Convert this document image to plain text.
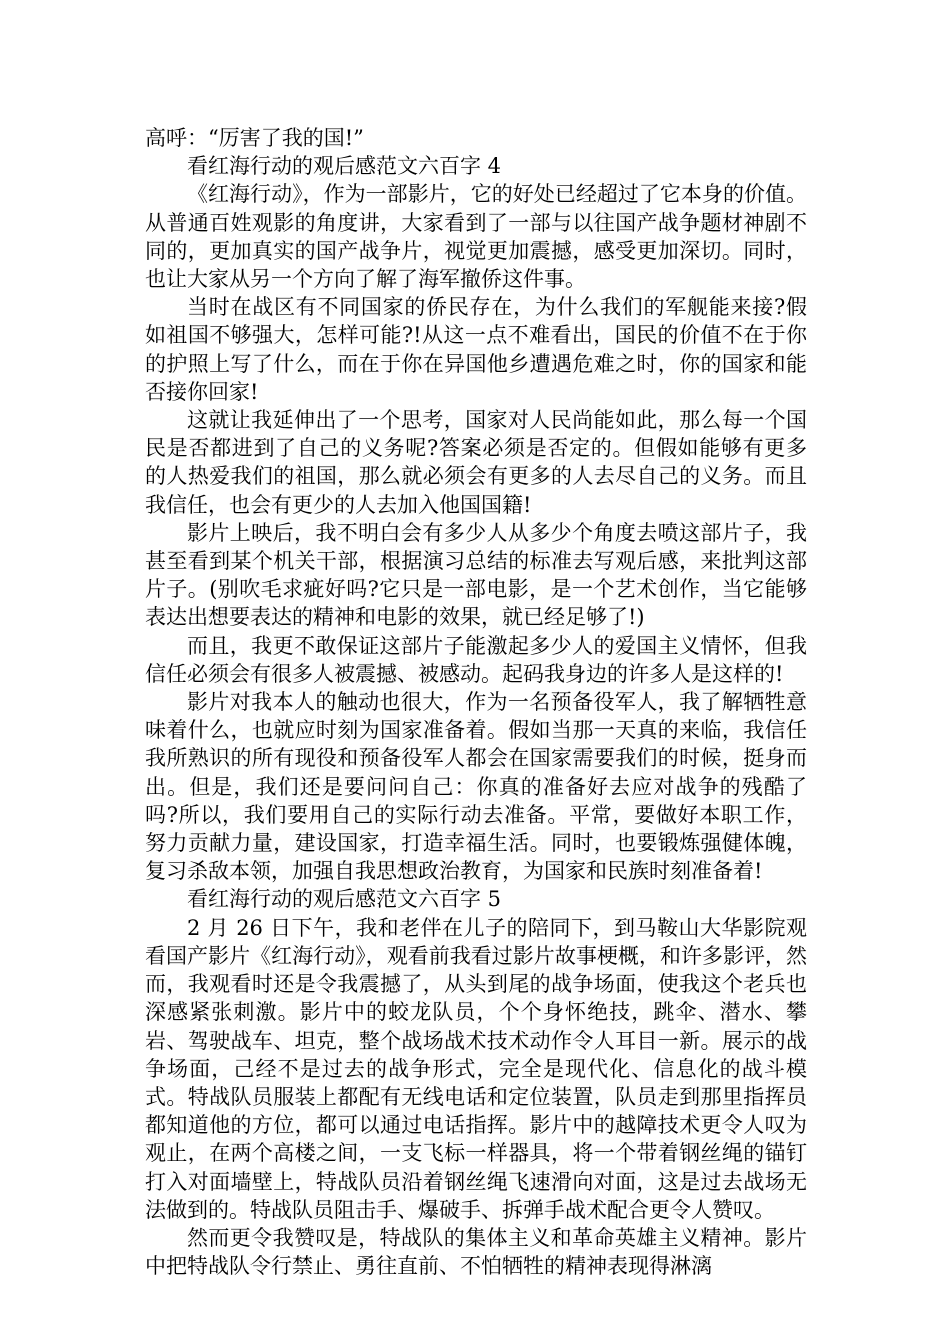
高呼：“厉害了我的国!”

看红海行动的观后感范文六百字 4

《红海行动》，作为一部影片，它的好处已经超过了它本身的价值。从普通百姓观影的角度讲，大家看到了一部与以往国产战争题材神剧不同的，更加真实的国产战争片，视觉更加震撼，感受更加深切。同时，也让大家从另一个方向了解了海军撤侨这件事。

当时在战区有不同国家的侨民存在，为什么我们的军舰能来接?假如祖国不够强大，怎样可能?!从这一点不难看出，国民的价值不在于你的护照上写了什么，而在于你在异国他乡遭遇危难之时，你的国家和能否接你回家!

这就让我延伸出了一个思考，国家对人民尚能如此，那么每一个国民是否都进到了自己的义务呢?答案必须是否定的。但假如能够有更多的人热爱我们的祖国，那么就必须会有更多的人去尽自己的义务。而且我信任，也会有更少的人去加入他国国籍!

影片上映后，我不明白会有多少人从多少个角度去喷这部片子，我甚至看到某个机关干部，根据演习总结的标准去写观后感，来批判这部片子。(别吹毛求疵好吗?它只是一部电影，是一个艺术创作，当它能够表达出想要表达的精神和电影的效果，就已经足够了!)

而且，我更不敢保证这部片子能激起多少人的爱国主义情怀，但我信任必须会有很多人被震撼、被感动。起码我身边的许多人是这样的!

影片对我本人的触动也很大，作为一名预备役军人，我了解牺牲意味着什么，也就应时刻为国家准备着。假如当那一天真的来临，我信任我所熟识的所有现役和预备役军人都会在国家需要我们的时候，挺身而出。但是，我们还是要问问自己：你真的准备好去应对战争的残酷了吗?所以，我们要用自己的实际行动去准备。平常，要做好本职工作，努力贡献力量，建设国家，打造幸福生活。同时，也要锻炼强健体魄，复习杀敌本领，加强自我思想政治教育，为国家和民族时刻准备着!

看红海行动的观后感范文六百字 5

2 月 26 日下午，我和老伴在儿子的陪同下，到马鞍山大华影院观看国产影片《红海行动》，观看前我看过影片故事梗概，和许多影评，然而，我观看时还是令我震撼了，从头到尾的战争场面，使我这个老兵也深感紧张刺激。影片中的蛟龙队员，个个身怀绝技，跳伞、潜水、攀岩、驾驶战车、坦克，整个战场战术技术动作令人耳目一新。展示的战争场面，己经不是过去的战争形式，完全是现代化、信息化的战斗模式。特战队员服装上都配有无线电话和定位装置，队员走到那里指挥员都知道他的方位，都可以通过电话指挥。影片中的越障技术更令人叹为观止，在两个高楼之间，一支飞标一样器具，将一个带着钢丝绳的锚钉打入对面墙壁上，特战队员沿着钢丝绳飞速滑向对面，这是过去战场无法做到的。特战队员阻击手、爆破手、拆弹手战术配合更令人赞叹。

然而更令我赞叹是，特战队的集体主义和革命英雄主义精神。影片中把特战队令行禁止、勇往直前、不怕牺牲的精神表现得淋漓
